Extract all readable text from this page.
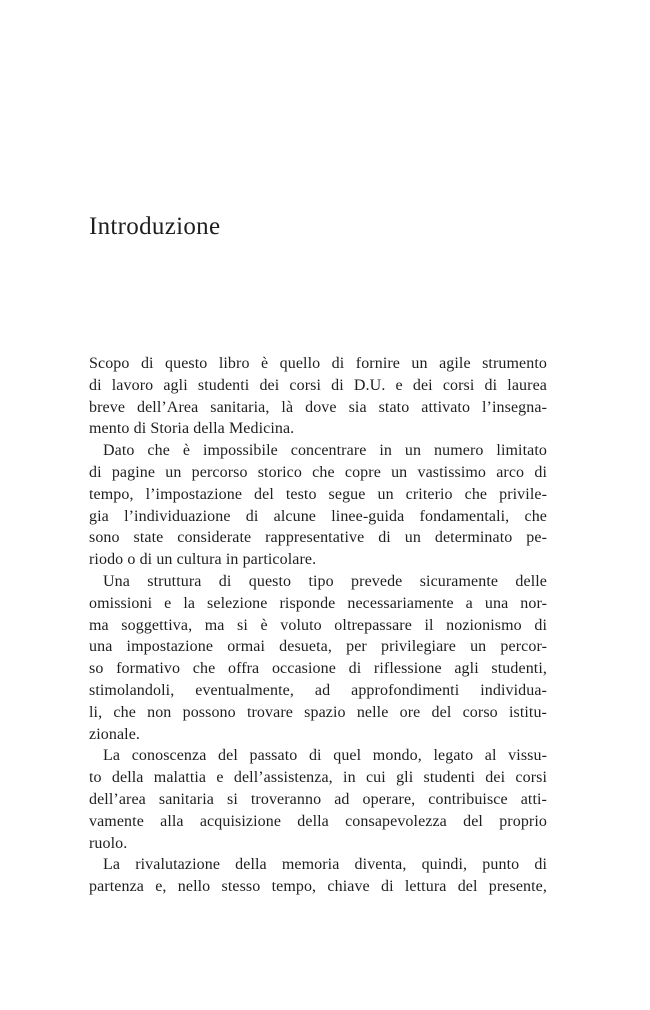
Introduzione
Scopo di questo libro è quello di fornire un agile strumento
di lavoro agli studenti dei corsi di D.U. e dei corsi di laurea
breve dell’Area sanitaria, là dove sia stato attivato l’insegna-
mento di Storia della Medicina.
Dato che è impossibile concentrare in un numero limitato
di pagine un percorso storico che copre un vastissimo arco di
tempo, l’impostazione del testo segue un criterio che privile-
gia l’individuazione di alcune linee-guida fondamentali, che
sono state considerate rappresentative di un determinato pe-
riodo o di un cultura in particolare.
Una struttura di questo tipo prevede sicuramente delle
omissioni e la selezione risponde necessariamente a una nor-
ma soggettiva, ma si è voluto oltrepassare il nozionismo di
una impostazione ormai desueta, per privilegiare un percor-
so formativo che offra occasione di riflessione agli studenti,
stimolandoli, eventualmente, ad approfondimenti individua-
li, che non possono trovare spazio nelle ore del corso istitu-
zionale.
La conoscenza del passato di quel mondo, legato al vissu-
to della malattia e dell’assistenza, in cui gli studenti dei corsi
dell’area sanitaria si troveranno ad operare, contribuisce atti-
vamente alla acquisizione della consapevolezza del proprio
ruolo.
La rivalutazione della memoria diventa, quindi, punto di
partenza e, nello stesso tempo, chiave di lettura del presente,
